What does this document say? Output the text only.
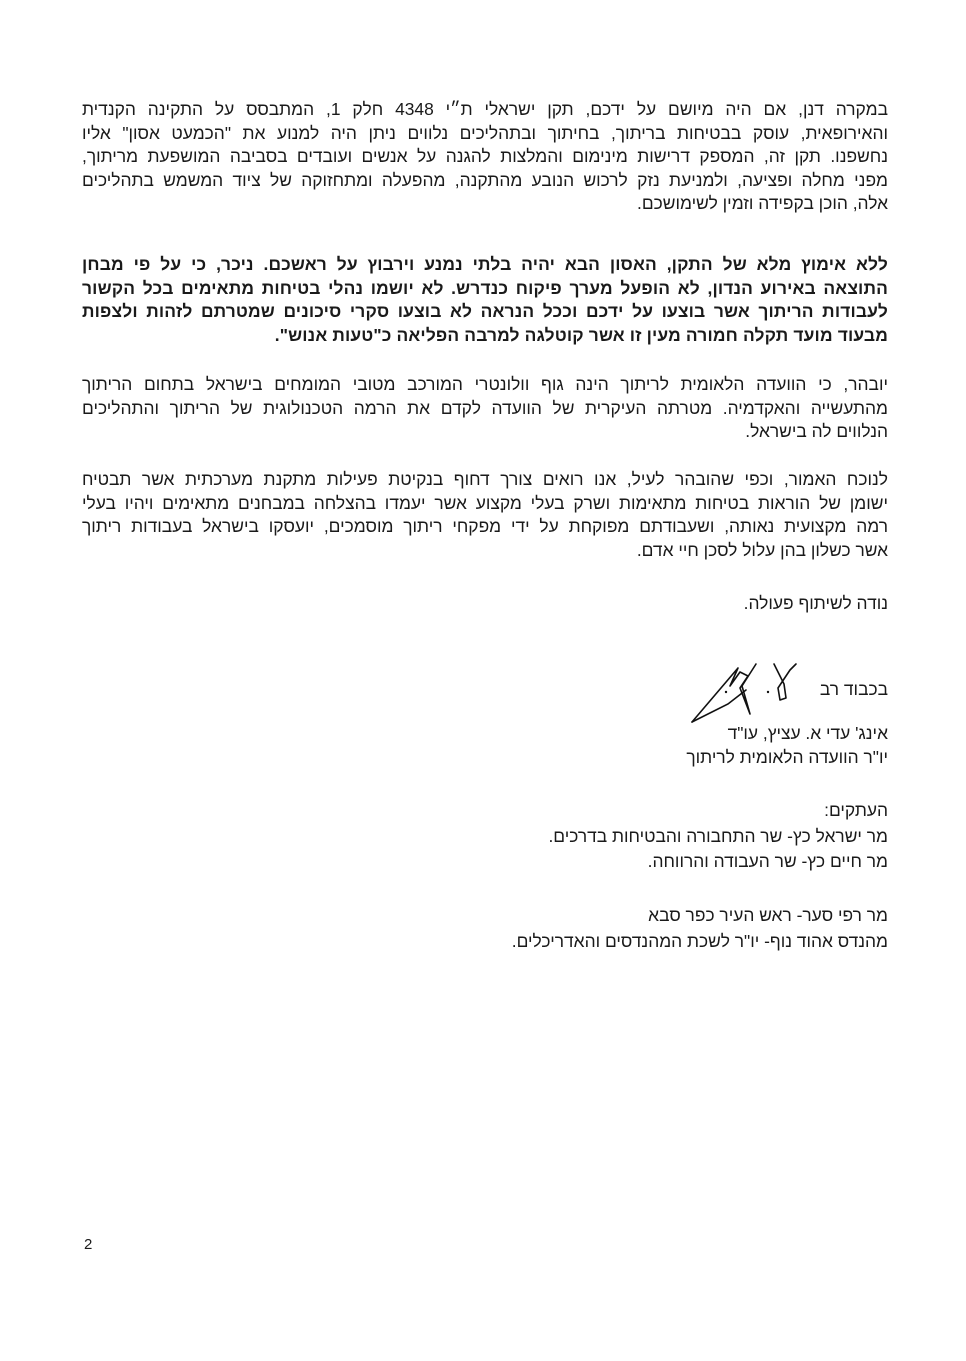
במקרה דנן, אם היה מיושם על ידכם, תקן ישראלי ת״י 4348 חלק 1, המתבסס על התקינה הקנדית
והאירופאית, עוסק בבטיחות בריתוך, בחיתוך ובתהליכים נלווים ניתן היה למנוע את "הכמעט אסון" אליו
נחשפנו. תקן זה, המספק דרישות מינימום והמלצות להגנה על אנשים ועובדים בסביבה המושפעת מריתוך,
מפני מחלה ופציעה, ולמניעת נזק לרכוש הנובע מהתקנה, מהפעלה ומתחזוקה של ציוד המשמש בתהליכים
אלה, הוכן בקפידה וזמין לשימושכם.

ללא אימוץ מלא של התקן, האסון הבא יהיה בלתי נמנע וירבוץ על ראשכם. ניכר, כי על פי מבחן
התוצאה באירוע הנדון, לא הופעל מערך פיקוח כנדרש. לא יושמו נהלי בטיחות מתאימים בכל הקשור
לעבודות הריתוך אשר בוצעו על ידכם וככל הנראה לא בוצעו סקרי סיכונים שמטרתם לזהות ולצפות
מבעוד מועד תקלה חמורה מעין זו אשר קוטלגה למרבה הפליאה כ"טעות אנוש".

יובהר, כי הוועדה הלאומית לריתוך הינה גוף וולונטרי המורכב מטובי המומחים בישראל בתחום הריתוך
מהתעשייה והאקדמיה. מטרתה העיקרית של הוועדה לקדם את הרמה הטכנולוגית של הריתוך והתהליכים
הנלווים לה בישראל.

לנוכח האמור, וכפי שהובהר לעיל, אנו רואים צורך דחוף בנקיטת פעילות מתקנת מערכתית אשר תבטיח
ישומן של הוראות בטיחות מתאימות ושרק בעלי מקצוע אשר יעמדו בהצלחה במבחנים מתאימים ויהיו בעלי
רמה מקצועית נאותה, ושעבודתם מפוקחת על ידי מפקחי ריתוך מוסמכים, יועסקו בישראל בעבודות ריתוך
אשר כשלון בהן עלול לסכן חיי אדם.

נודה לשיתוף פעולה.

בכבוד רב
אינג' עדי א. עציץ, עו"ד
יו"ר הוועדה הלאומית לריתוך
העתקים:
מר ישראל כץ- שר התחבורה והבטיחות בדרכים.
מר חיים כץ- שר העבודה והרווחה.
מר רפי סער- ראש העיר כפר סבא
מהנדס אהוד נוף- יו"ר לשכת המהנדסים והאדריכלים.
2
